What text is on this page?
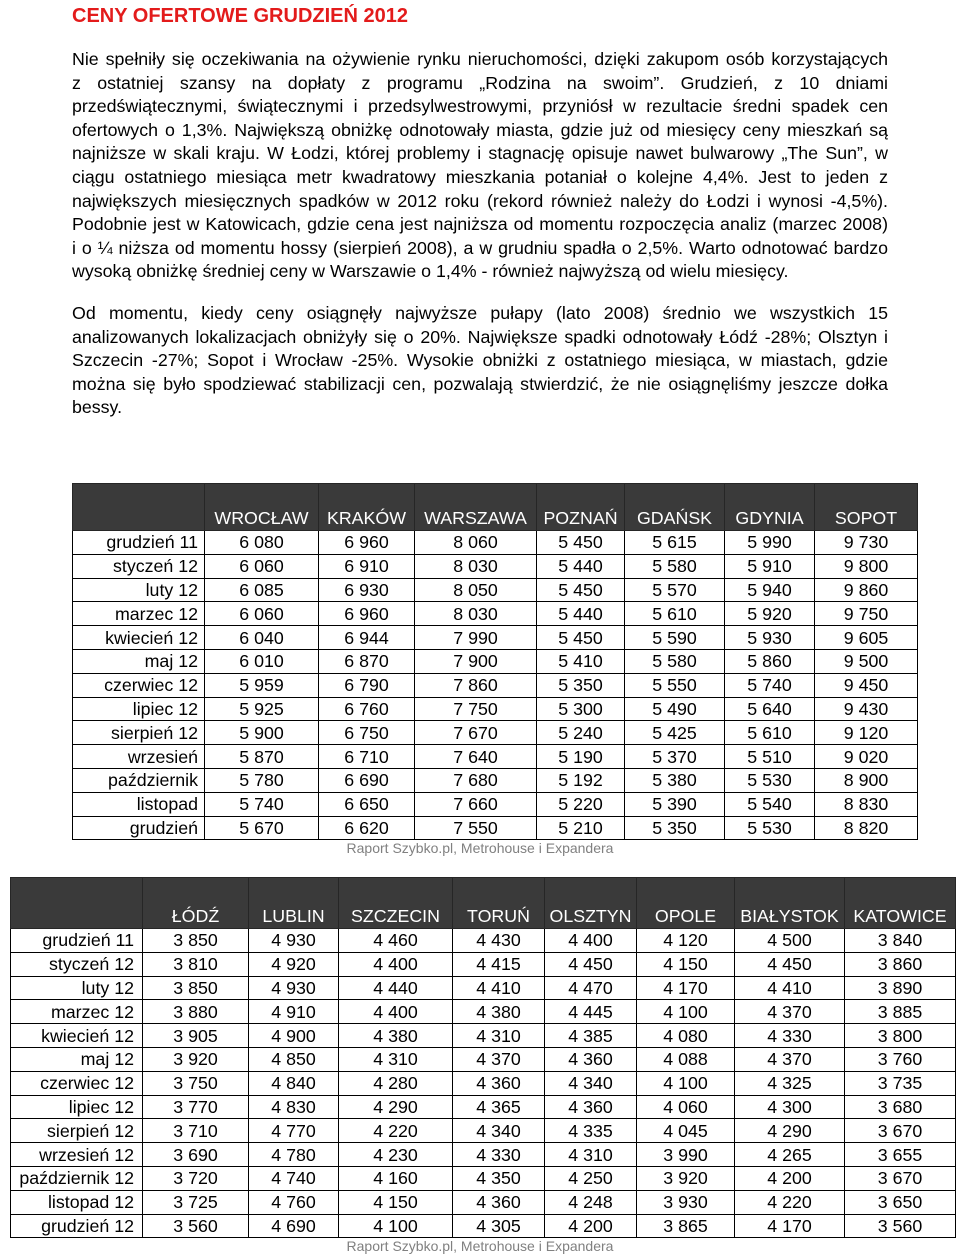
CENY OFERTOWE GRUDZIEŃ 2012
Nie spełniły się oczekiwania na ożywienie rynku nieruchomości, dzięki zakupom osób korzystających
z ostatniej szansy na dopłaty z programu „Rodzina na swoim”. Grudzień, z 10 dniami
przedświątecznymi, świątecznymi i przedsylwestrowymi, przyniósł w rezultacie średni spadek cen
ofertowych o 1,3%. Największą obniżkę odnotowały miasta, gdzie już od miesięcy ceny mieszkań są
najniższe w skali kraju. W Łodzi, której problemy i stagnację opisuje nawet bulwarowy „The Sun”, w
ciągu ostatniego miesiąca metr kwadratowy mieszkania potaniał o kolejne 4,4%. Jest to jeden z
największych miesięcznych spadków w 2012 roku (rekord również należy do Łodzi i wynosi -4,5%).
Podobnie jest w Katowicach, gdzie cena jest najniższa od momentu rozpoczęcia analiz (marzec 2008)
i o ¼ niższa od momentu hossy (sierpień 2008), a w grudniu spadła o 2,5%. Warto odnotować bardzo
wysoką obniżkę średniej ceny w Warszawie o 1,4% - również najwyższą od wielu miesięcy.
Od momentu, kiedy ceny osiągnęły najwyższe pułapy (lato 2008) średnio we wszystkich 15
analizowanych lokalizacjach obniżyły się o 20%. Największe spadki odnotowały Łódź -28%; Olsztyn i
Szczecin -27%; Sopot i Wrocław -25%. Wysokie obniżki z ostatniego miesiąca, w miastach, gdzie
można się było spodziewać stabilizacji cen, pozwalają stwierdzić, że nie osiągnęliśmy jeszcze dołka
bessy.
	WROCŁAW	KRAKÓW	WARSZAWA	POZNAŃ	GDAŃSK	GDYNIA	SOPOT
grudzień 11	6 080	6 960	8 060	5 450	5 615	5 990	9 730
styczeń 12	6 060	6 910	8 030	5 440	5 580	5 910	9 800
luty 12	6 085	6 930	8 050	5 450	5 570	5 940	9 860
marzec 12	6 060	6 960	8 030	5 440	5 610	5 920	9 750
kwiecień 12	6 040	6 944	7 990	5 450	5 590	5 930	9 605
maj 12	6 010	6 870	7 900	5 410	5 580	5 860	9 500
czerwiec 12	5 959	6 790	7 860	5 350	5 550	5 740	9 450
lipiec 12	5 925	6 760	7 750	5 300	5 490	5 640	9 430
sierpień 12	5 900	6 750	7 670	5 240	5 425	5 610	9 120
wrzesień	5 870	6 710	7 640	5 190	5 370	5 510	9 020
październik	5 780	6 690	7 680	5 192	5 380	5 530	8 900
listopad	5 740	6 650	7 660	5 220	5 390	5 540	8 830
grudzień	5 670	6 620	7 550	5 210	5 350	5 530	8 820
Raport Szybko.pl, Metrohouse i Expandera
	ŁÓDŹ	LUBLIN	SZCZECIN	TORUŃ	OLSZTYN	OPOLE	BIAŁYSTOK	KATOWICE
grudzień 11	3 850	4 930	4 460	4 430	4 400	4 120	4 500	3 840
styczeń 12	3 810	4 920	4 400	4 415	4 450	4 150	4 450	3 860
luty 12	3 850	4 930	4 440	4 410	4 470	4 170	4 410	3 890
marzec 12	3 880	4 910	4 400	4 380	4 445	4 100	4 370	3 885
kwiecień 12	3 905	4 900	4 380	4 310	4 385	4 080	4 330	3 800
maj 12	3 920	4 850	4 310	4 370	4 360	4 088	4 370	3 760
czerwiec 12	3 750	4 840	4 280	4 360	4 340	4 100	4 325	3 735
lipiec 12	3 770	4 830	4 290	4 365	4 360	4 060	4 300	3 680
sierpień 12	3 710	4 770	4 220	4 340	4 335	4 045	4 290	3 670
wrzesień 12	3 690	4 780	4 230	4 330	4 310	3 990	4 265	3 655
październik 12	3 720	4 740	4 160	4 350	4 250	3 920	4 200	3 670
listopad 12	3 725	4 760	4 150	4 360	4 248	3 930	4 220	3 650
grudzień 12	3 560	4 690	4 100	4 305	4 200	3 865	4 170	3 560
Raport Szybko.pl, Metrohouse i Expandera
